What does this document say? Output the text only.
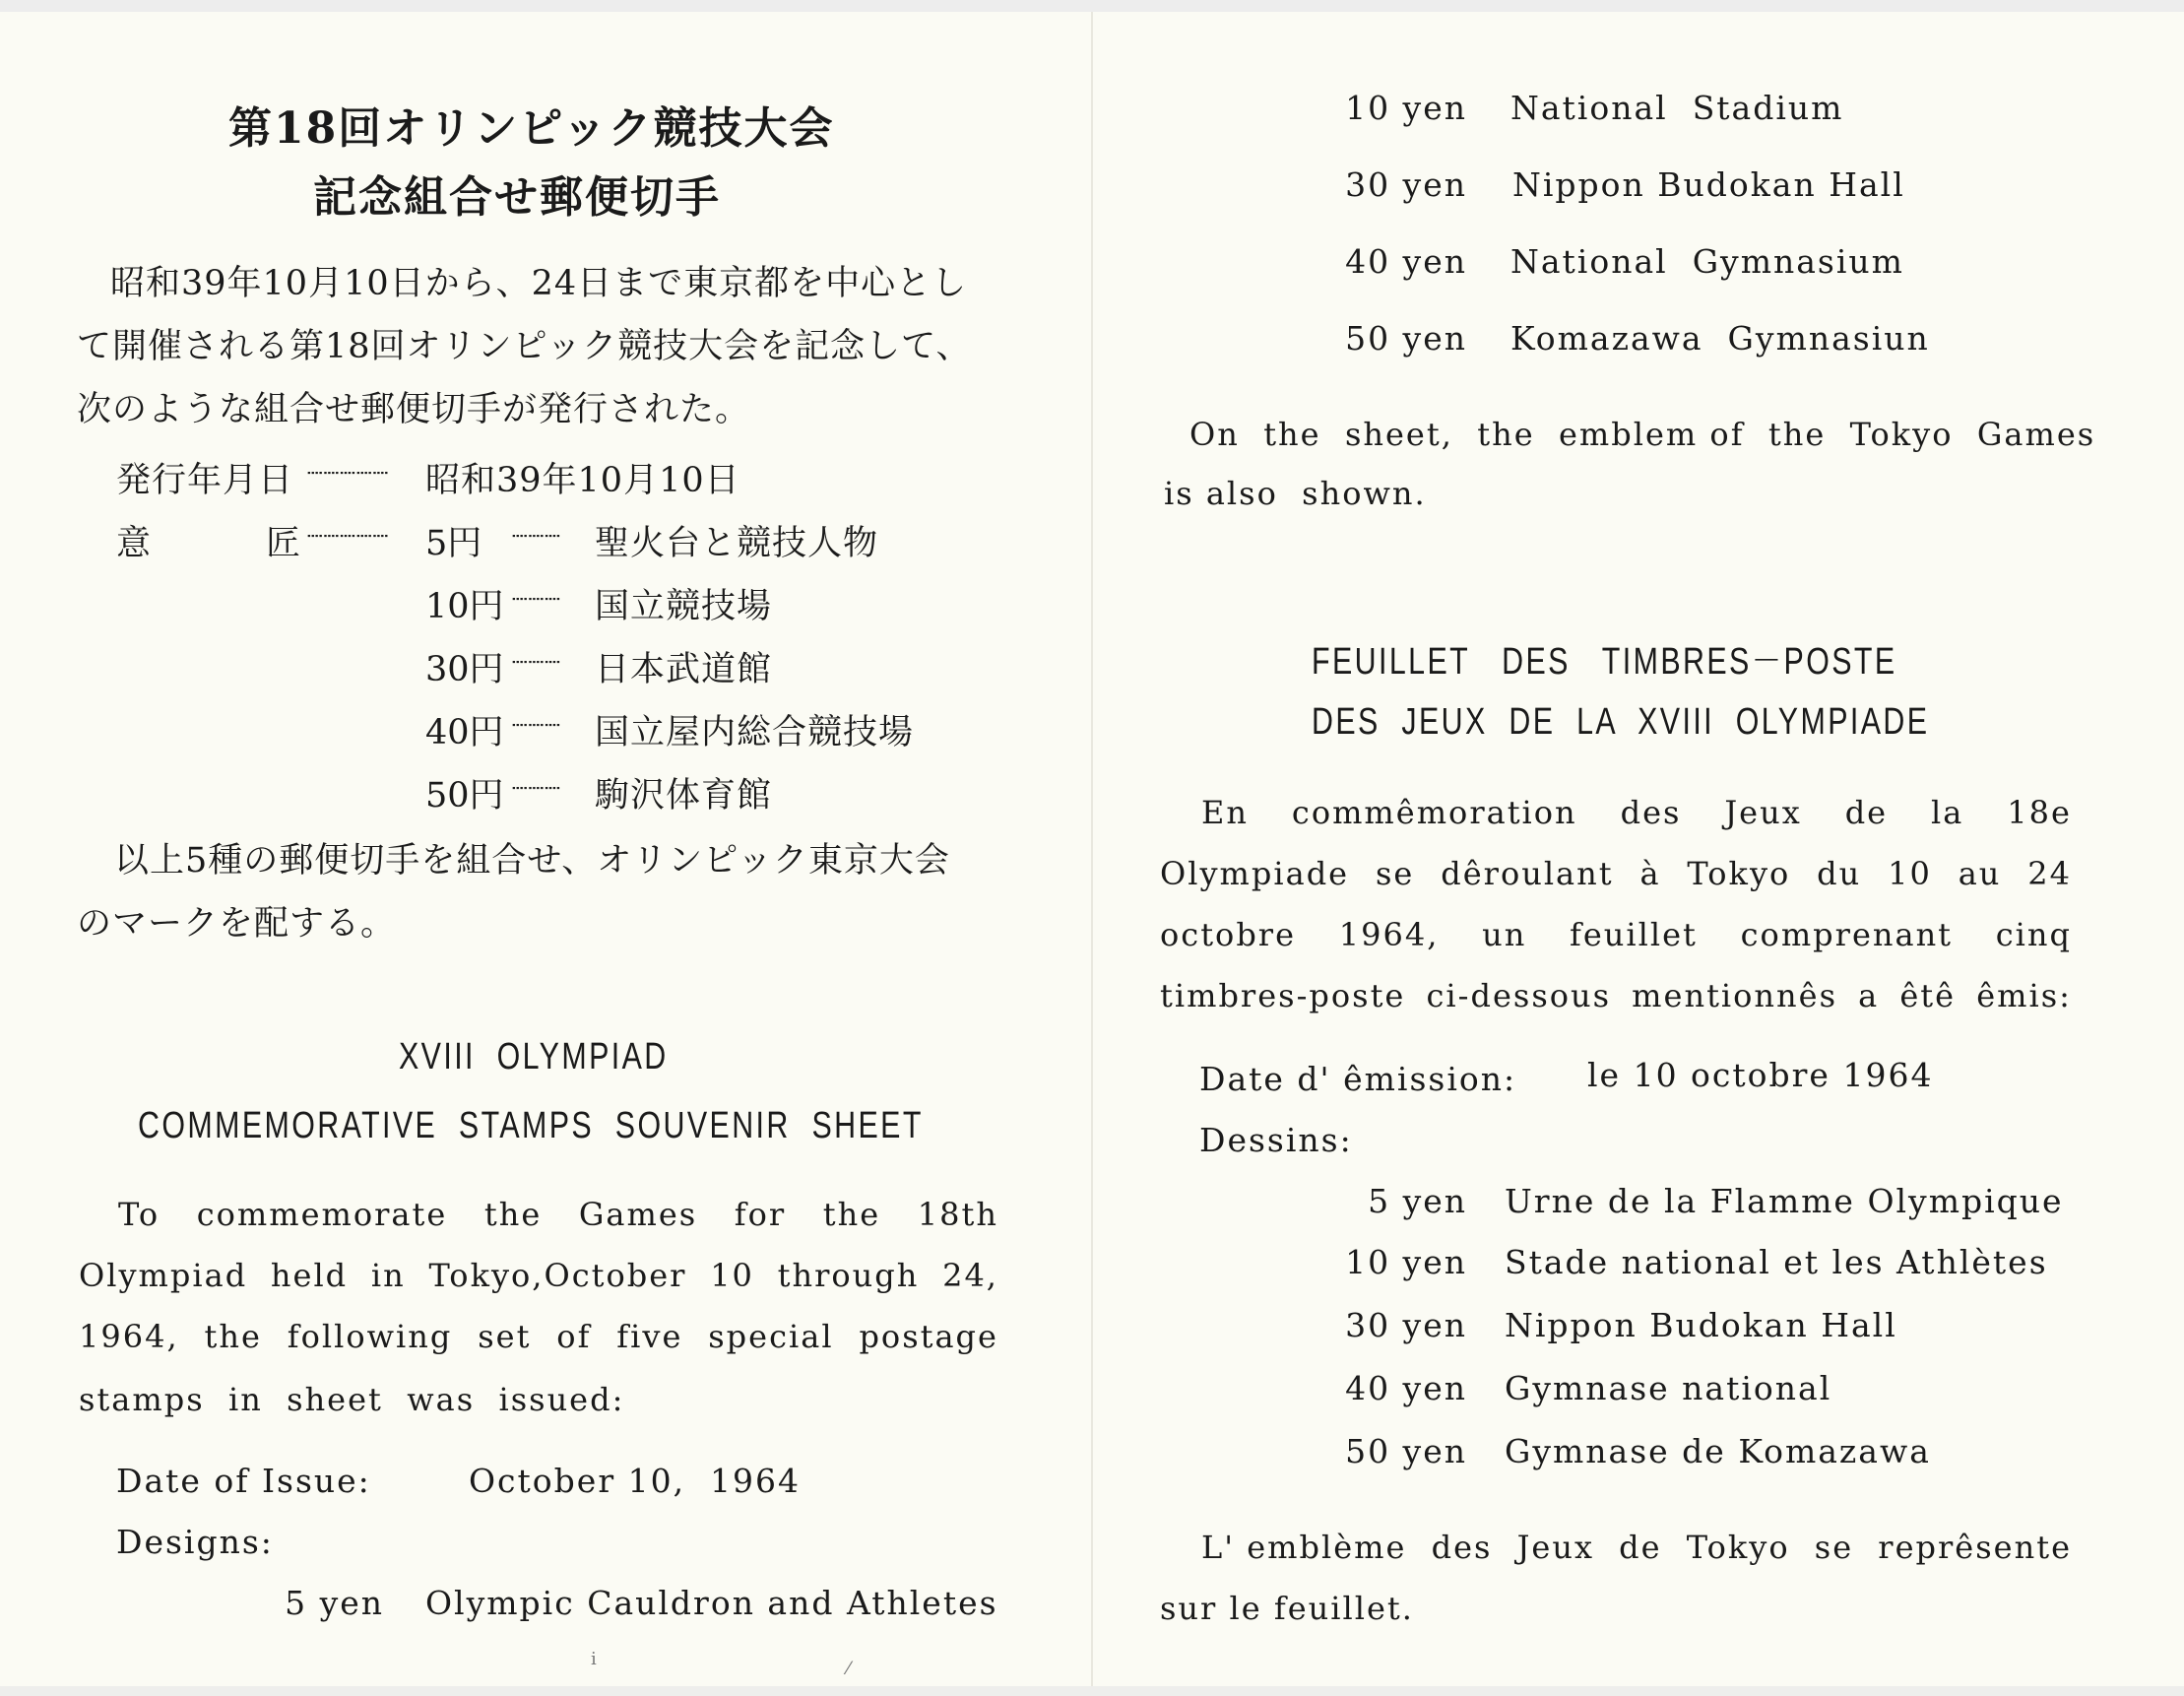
第18回オリンピック競技大会
記念組合せ郵便切手
昭和39年10月10日から、24日まで東京都を中心とし
て開催される第18回オリンピック競技大会を記念して、
次のような組合せ郵便切手が発行された。
発行年月日 ┈┈┈┈┈ 昭和39年10月10日
意	匠 ┈┈┈┈┈ 5円 ┈┈┈ 聖火台と競技人物
10円 ┈┈┈ 国立競技場
30円 ┈┈┈ 日本武道館
40円 ┈┈┈ 国立屋内総合競技場
50円 ┈┈┈ 駒沢体育館
以上5種の郵便切手を組合せ、オリンピック東京大会
のマークを配する。
XVIII  OLYMPIAD
COMMEMORATIVE  STAMPS  SOUVENIR  SHEET
To commemorate the Games for the 18th
Olympiad held in Tokyo,October 10 through 24,
1964, the following set of five special postage
stamps  in  sheet  was  issued:
Date of Issue:	October 10,  1964
Designs:
5 yen Olympic Cauldron and Athletes
ⅰ	⁄
10 yen National  Stadium
30 yen Nippon Budokan Hall
40 yen National  Gymnasium
50 yen Komazawa  Gymnasiun
On  the  sheet,  the  emblem of  the  Tokyo  Games
is also  shown.
FEUILLET   DES   TIMBRES－POSTE
DES  JEUX  DE  LA  XVIII  OLYMPIADE
En commêmoration des Jeux de la 18e
Olympiade se dêroulant à Tokyo du 10 au 24
octobre 1964, un feuillet comprenant cinq
timbres-poste ci-dessous mentionnês a êtê êmis:
Date d' êmission: le 10 octobre 1964
Dessins:
5 yen Urne de la Flamme Olympique
10 yen Stade national et les Athlètes
30 yen Nippon Budokan Hall
40 yen Gymnase national
50 yen Gymnase de Komazawa
L' emblème des Jeux de Tokyo se reprêsente
sur le feuillet.
